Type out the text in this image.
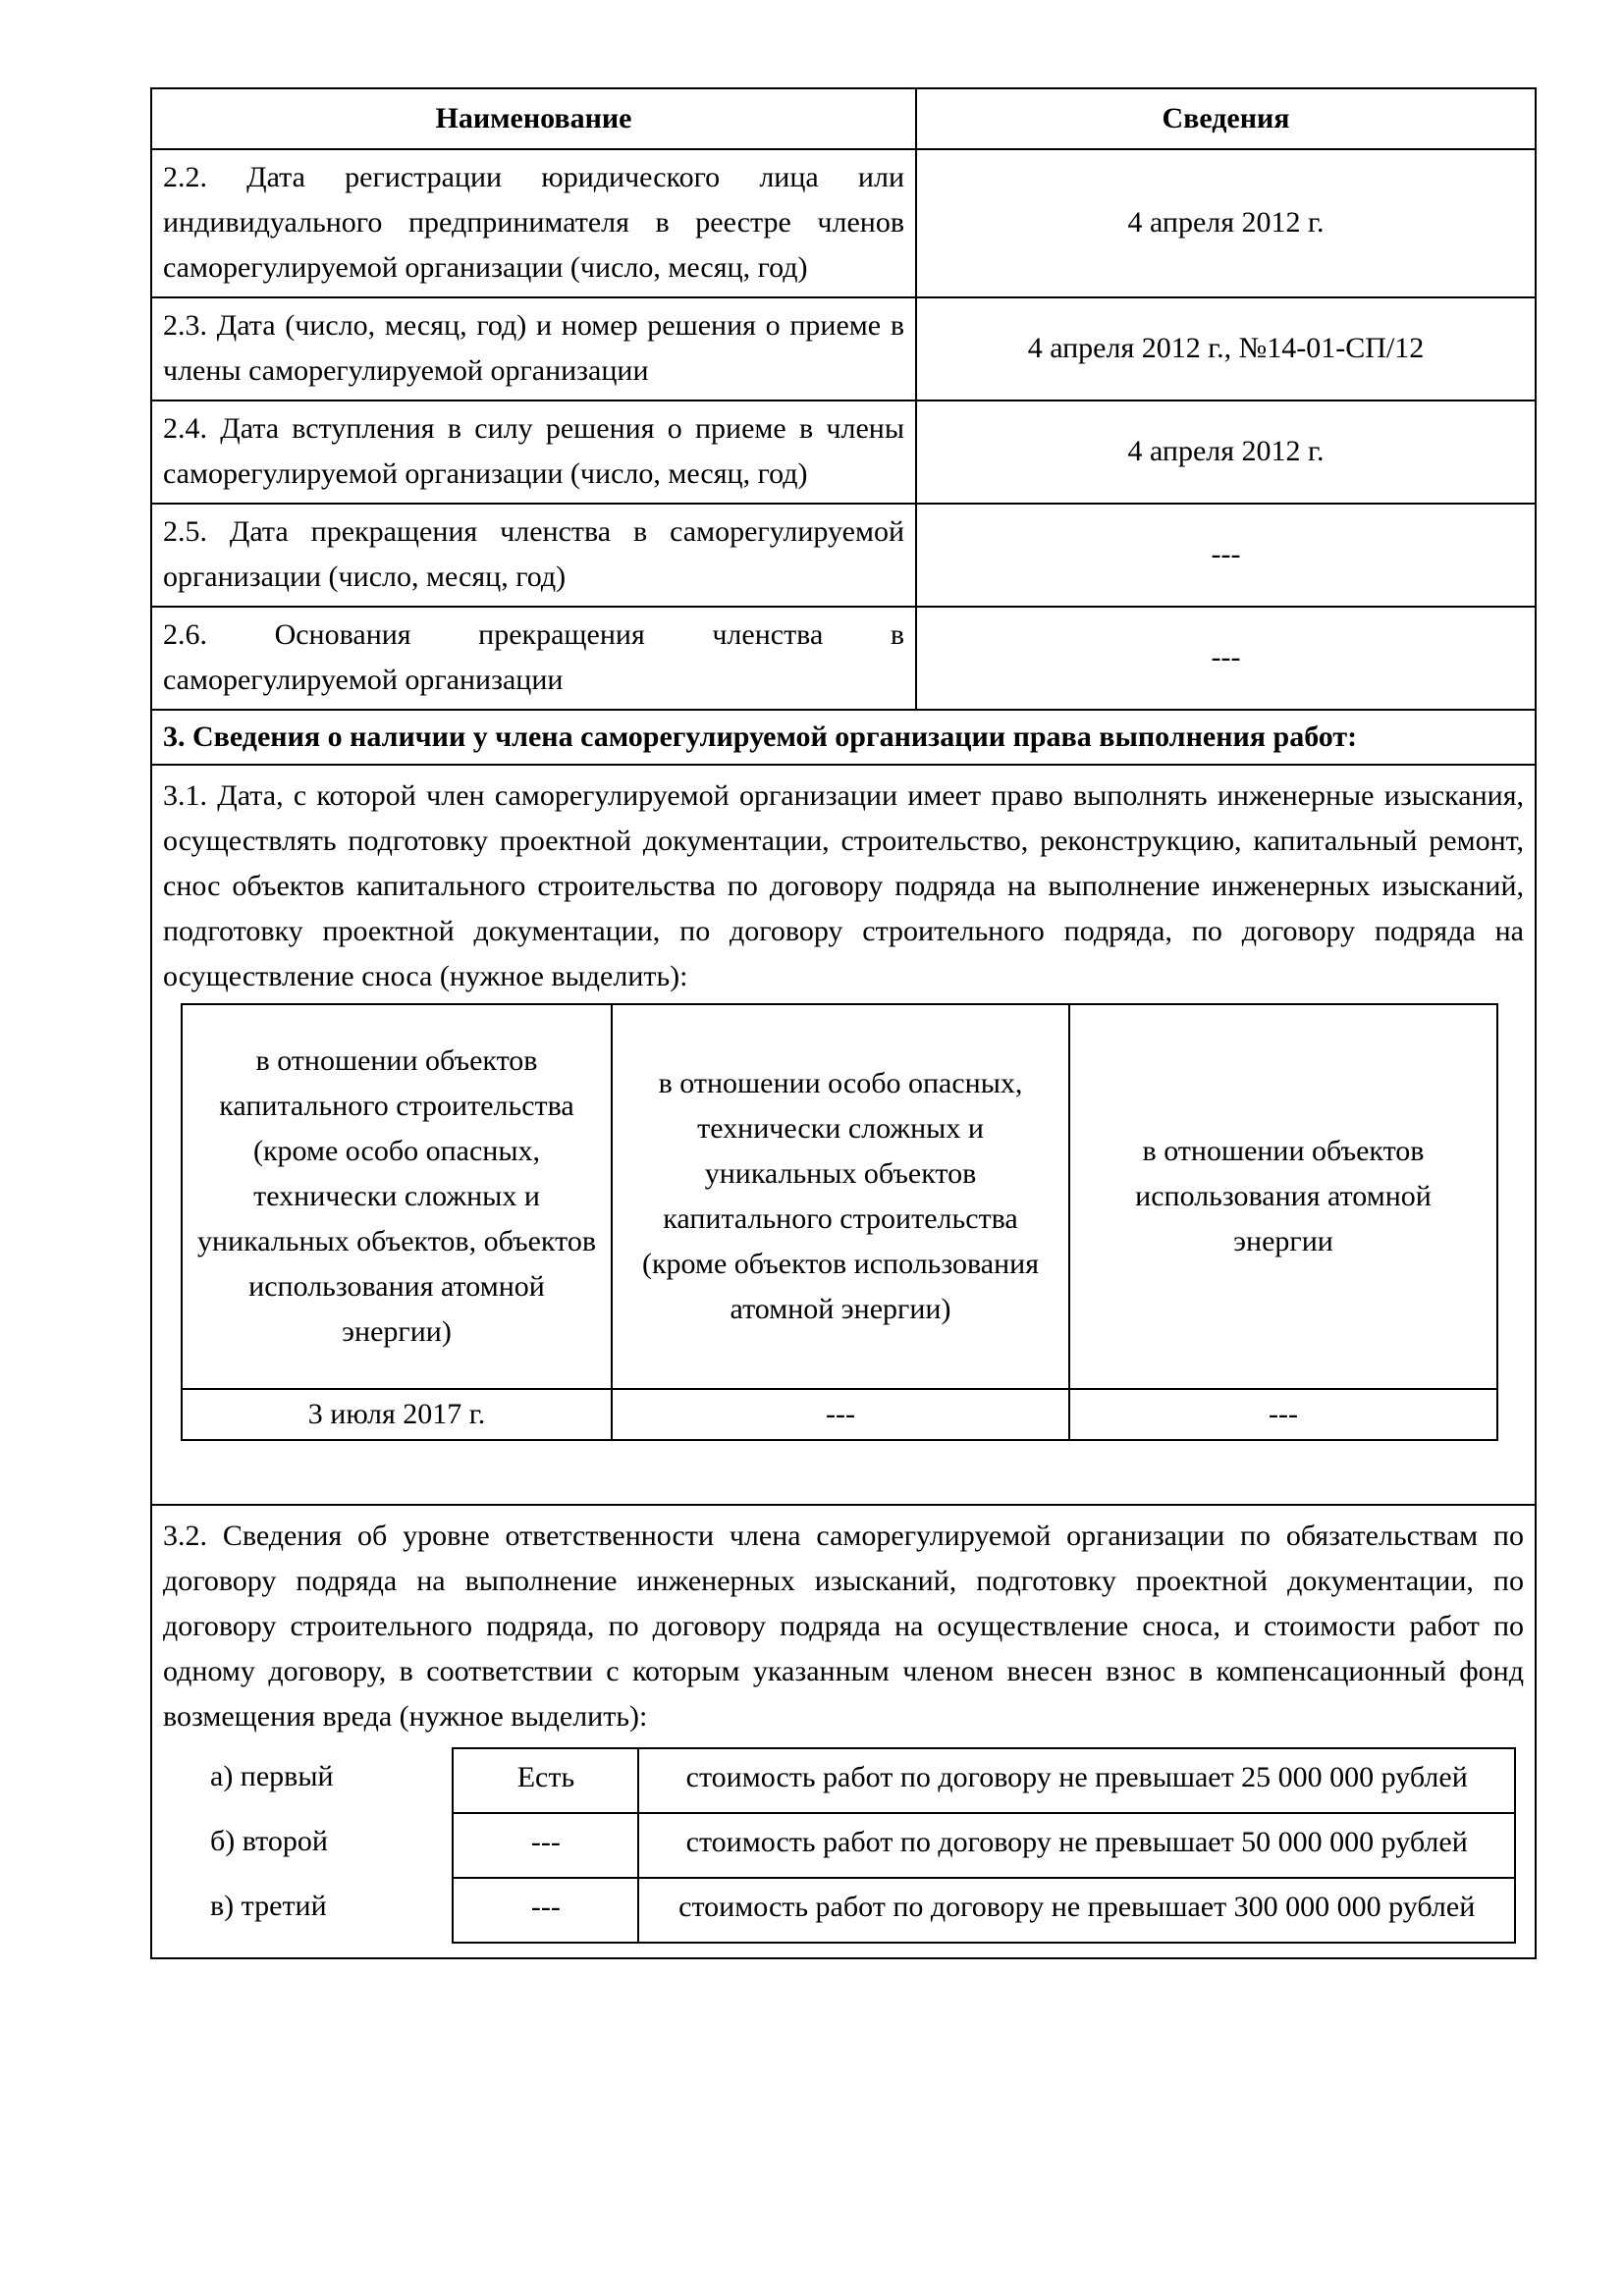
Наименование	Сведения
2.2. Дата регистрации юридического лица или индивидуального предпринимателя в реестре членов саморегулируемой организации (число, месяц, год)	4 апреля 2012 г.
2.3. Дата (число, месяц, год) и номер решения о приеме в члены саморегулируемой организации	4 апреля 2012 г., №14-01-СП/12
2.4. Дата вступления в силу решения о приеме в члены саморегулируемой организации (число, месяц, год)	4 апреля 2012 г.
2.5. Дата прекращения членства в саморегулируемой организации (число, месяц, год)	---
2.6. Основания прекращения членства в саморегулируемой организации	---
3. Сведения о наличии у члена саморегулируемой организации права выполнения работ:

3.1. Дата, с которой член саморегулируемой организации имеет право выполнять инженерные изыскания, осуществлять подготовку проектной документации, строительство, реконструкцию, капитальный ремонт, снос объектов капитального строительства по договору подряда на выполнение инженерных изысканий, подготовку проектной документации, по договору строительного подряда, по договору подряда на осуществление сноса (нужное выделить):
в отношении объектов капитального строительства (кроме особо опасных, технически сложных и уникальных объектов, объектов использования атомной энергии)	в отношении особо опасных, технически сложных и уникальных объектов капитального строительства (кроме объектов использования атомной энергии)	в отношении объектов использования атомной энергии
3 июля 2017 г.	---	---

3.2. Сведения об уровне ответственности члена саморегулируемой организации по обязательствам по договору подряда на выполнение инженерных изысканий, подготовку проектной документации, по договору строительного подряда, по договору подряда на осуществление сноса, и стоимости работ по одному договору, в соответствии с которым указанным членом внесен взнос в компенсационный фонд возмещения вреда (нужное выделить):
а) первый	Есть	стоимость работ по договору не превышает 25 000 000 рублей
б) второй	---	стоимость работ по договору не превышает 50 000 000 рублей
в) третий	---	стоимость работ по договору не превышает 300 000 000 рублей
